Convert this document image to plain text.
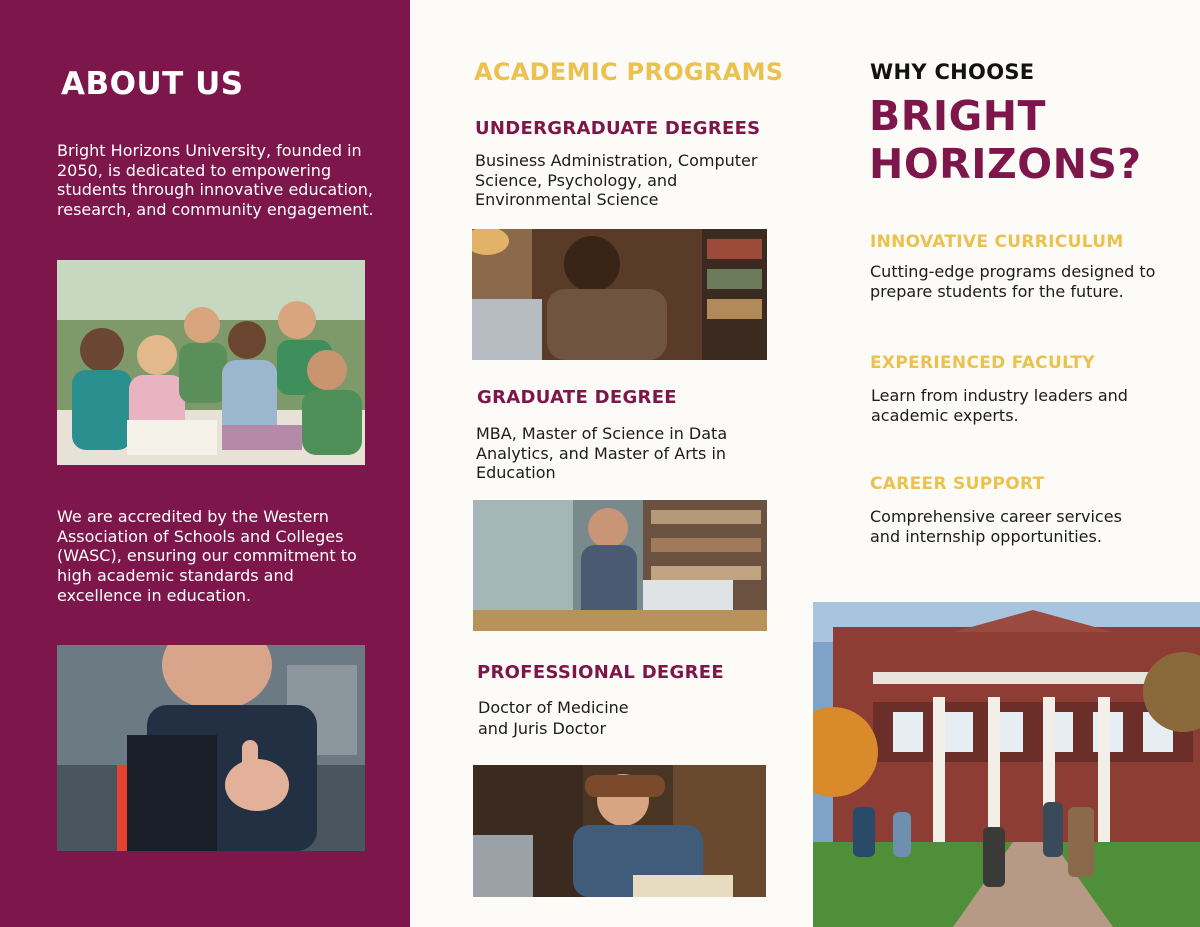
ABOUT US

Bright Horizons University, founded in 2050, is dedicated to empowering students through innovative education, research, and community engagement.

We are accredited by the Western Association of Schools and Colleges (WASC), ensuring our commitment to high academic standards and excellence in education.

ACADEMIC PROGRAMS
UNDERGRADUATE DEGREES

Business Administration, Computer Science, Psychology, and Environmental Science

GRADUATE DEGREE

MBA, Master of Science in Data Analytics, and Master of Arts in Education

PROFESSIONAL DEGREE

Doctor of Medicine
and Juris Doctor

WHY CHOOSE
BRIGHT
HORIZONS?
INNOVATIVE CURRICULUM

Cutting-edge programs designed to prepare students for the future.

EXPERIENCED FACULTY

Learn from industry leaders and academic experts.

CAREER SUPPORT

Comprehensive career services and internship opportunities.
